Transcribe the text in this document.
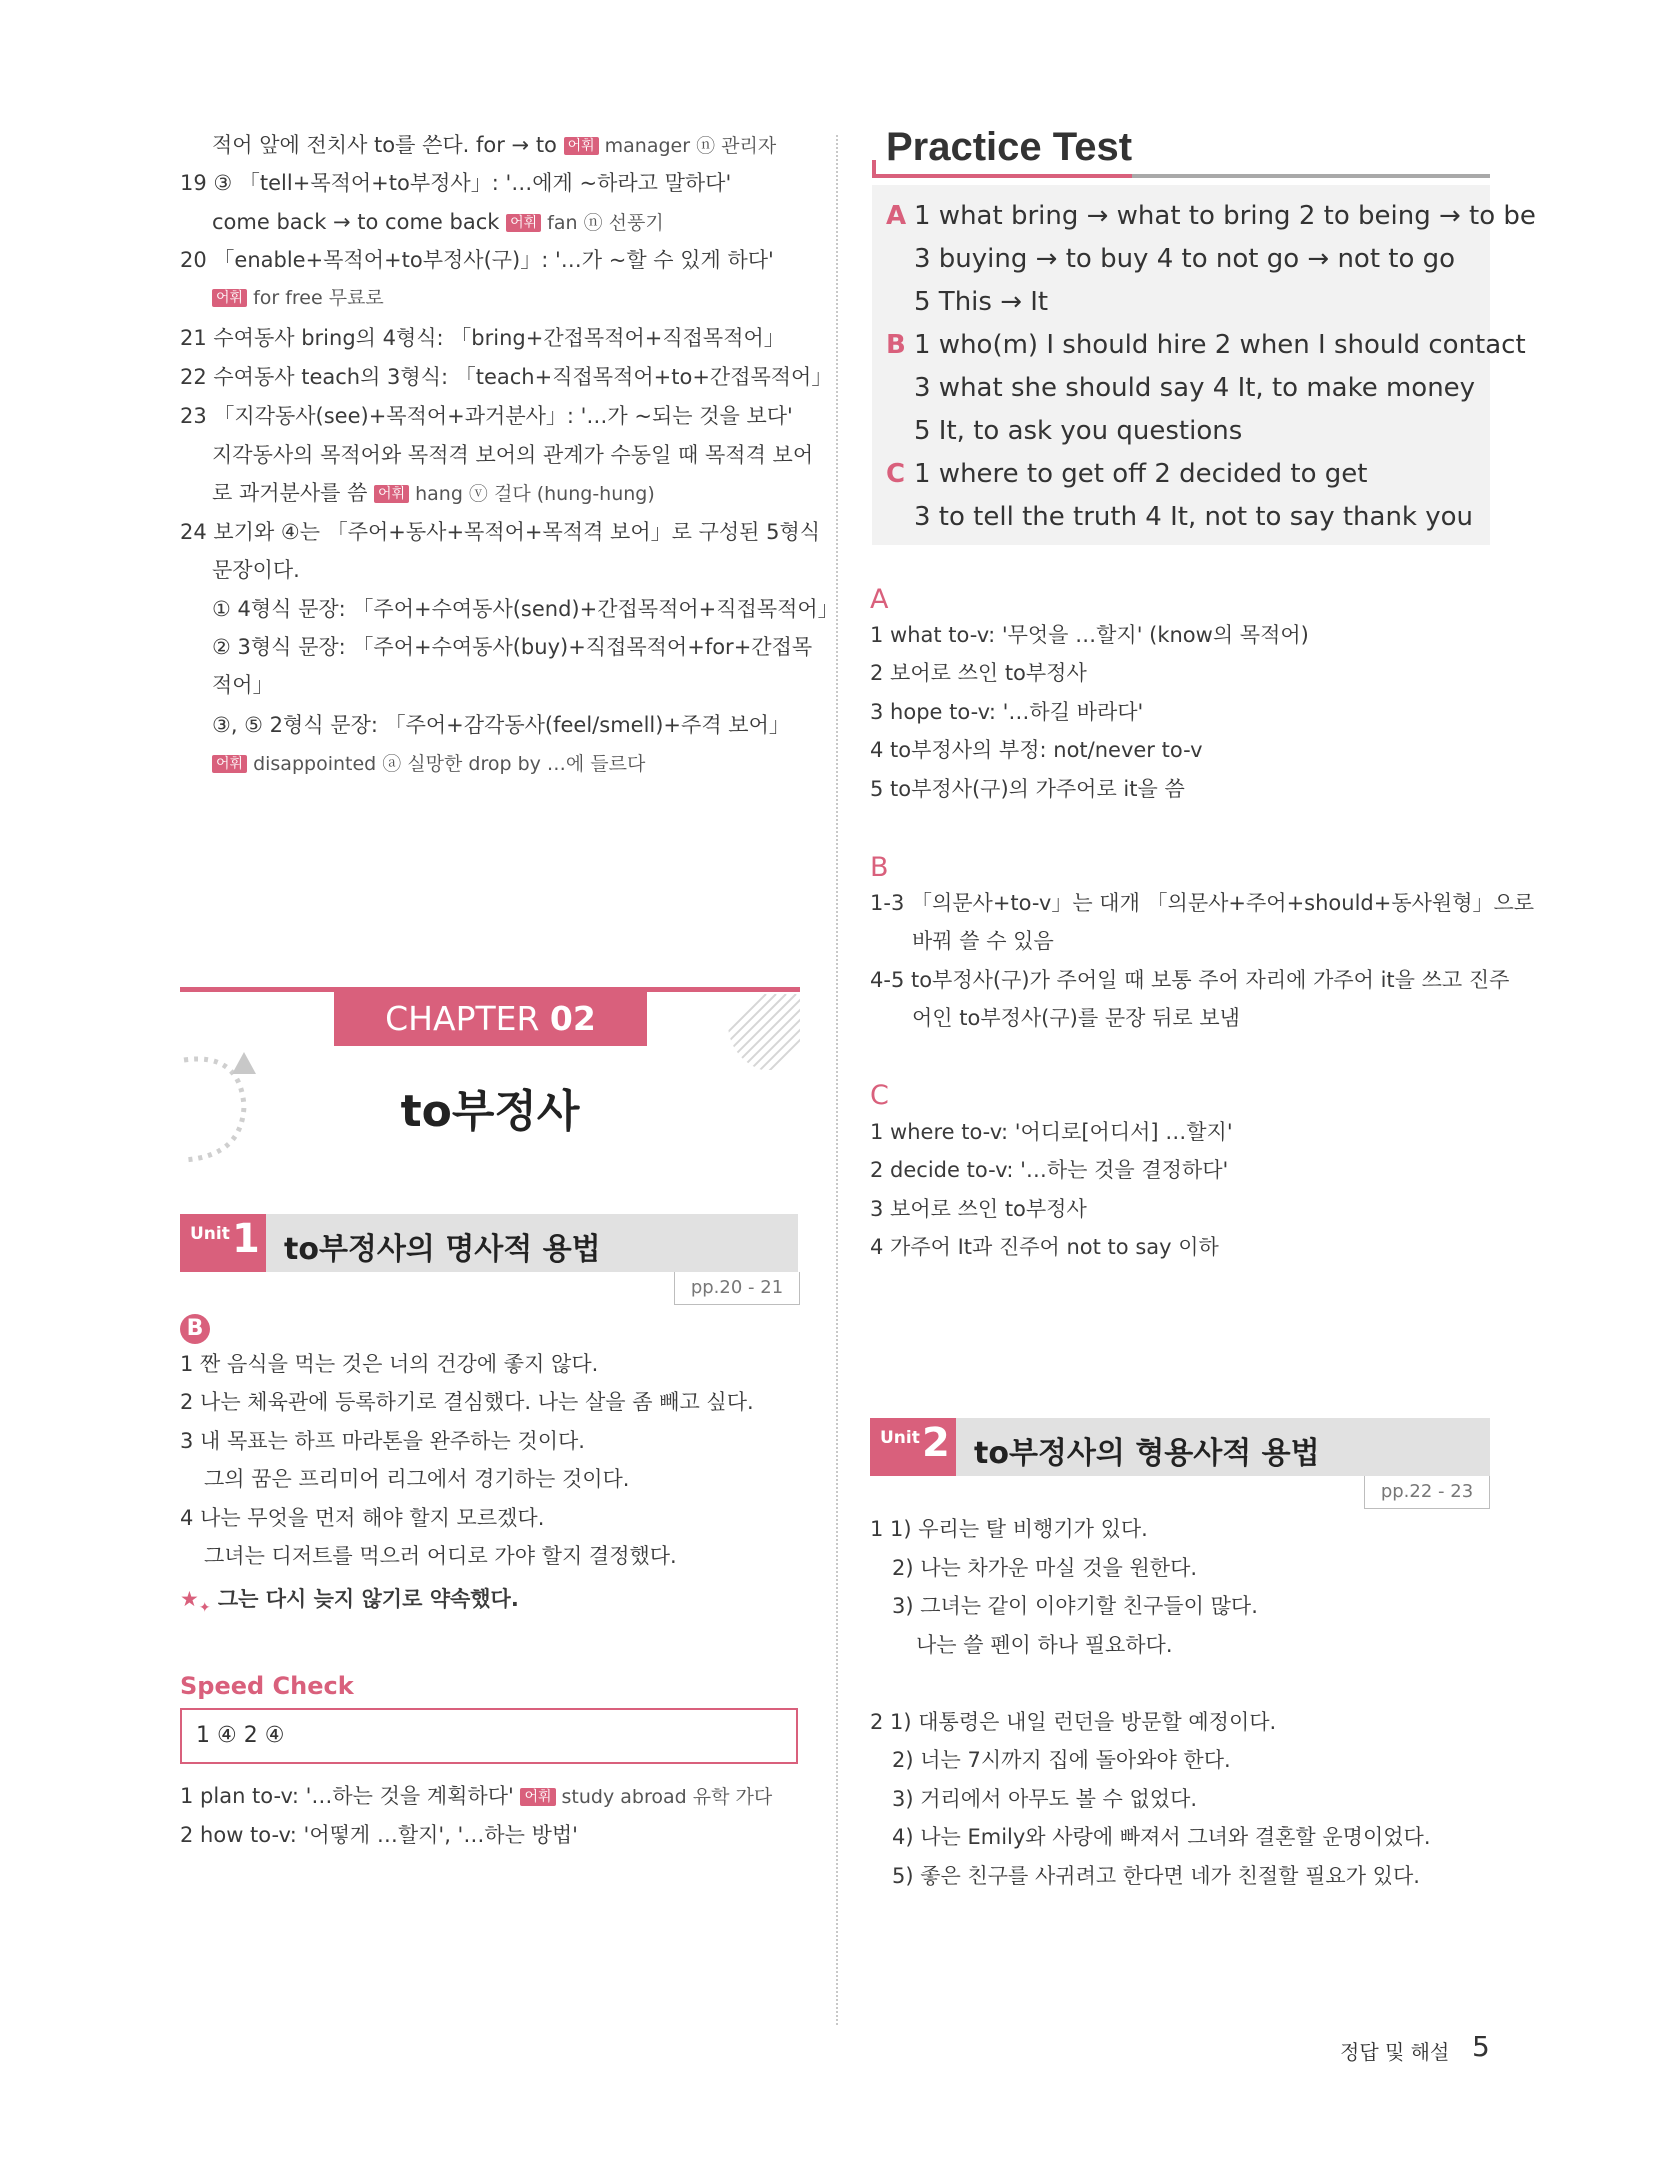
적어 앞에 전치사 to를 쓴다. for → to 어휘 manager ⓝ 관리자
19 ③ 「tell+목적어+to부정사」: '…에게 ~하라고 말하다'
come back → to come back 어휘 fan ⓝ 선풍기
20 「enable+목적어+to부정사(구)」: '…가 ~할 수 있게 하다'
어휘 for free 무료로
21 수여동사 bring의 4형식: 「bring+간접목적어+직접목적어」
22 수여동사 teach의 3형식: 「teach+직접목적어+to+간접목적어」
23 「지각동사(see)+목적어+과거분사」: '…가 ~되는 것을 보다'
지각동사의 목적어와 목적격 보어의 관계가 수동일 때 목적격 보어
로 과거분사를 씀 어휘 hang ⓥ 걸다 (hung-hung)
24 보기와 ④는 「주어+동사+목적어+목적격 보어」로 구성된 5형식
문장이다.
① 4형식 문장: 「주어+수여동사(send)+간접목적어+직접목적어」
② 3형식 문장: 「주어+수여동사(buy)+직접목적어+for+간접목
적어」
③, ⑤ 2형식 문장: 「주어+감각동사(feel/smell)+주격 보어」
어휘 disappointed ⓐ 실망한 drop by …에 들르다
CHAPTER 02
to부정사
Unit 1 to부정사의 명사적 용법
pp.20 - 21
B
1 짠 음식을 먹는 것은 너의 건강에 좋지 않다.
2 나는 체육관에 등록하기로 결심했다. 나는 살을 좀 빼고 싶다.
3 내 목표는 하프 마라톤을 완주하는 것이다.
그의 꿈은 프리미어 리그에서 경기하는 것이다.
4 나는 무엇을 먼저 해야 할지 모르겠다.
그녀는 디저트를 먹으러 어디로 가야 할지 결정했다.
$★_✦$ 그는 다시 늦지 않기로 약속했다.
Speed Check
1 ④ 2 ④
1 plan to-v: '…하는 것을 계획하다' 어휘 study abroad 유학 가다
2 how to-v: '어떻게 …할지', '…하는 방법'
Practice Test
A 1 what bring → what to bring 2 to being → to be
3 buying → to buy 4 to not go → not to go
5 This → It
B 1 who(m) I should hire 2 when I should contact
3 what she should say 4 It, to make money
5 It, to ask you questions
C 1 where to get off 2 decided to get
3 to tell the truth 4 It, not to say thank you
A
1 what to-v: '무엇을 …할지' (know의 목적어)
2 보어로 쓰인 to부정사
3 hope to-v: '…하길 바라다'
4 to부정사의 부정: not/never to-v
5 to부정사(구)의 가주어로 it을 씀
B
1-3 「의문사+to-v」는 대개 「의문사+주어+should+동사원형」으로
바꿔 쓸 수 있음
4-5 to부정사(구)가 주어일 때 보통 주어 자리에 가주어 it을 쓰고 진주
어인 to부정사(구)를 문장 뒤로 보냄
C
1 where to-v: '어디로[어디서] …할지'
2 decide to-v: '…하는 것을 결정하다'
3 보어로 쓰인 to부정사
4 가주어 It과 진주어 not to say 이하
Unit 2 to부정사의 형용사적 용법
pp.22 - 23
1 1) 우리는 탈 비행기가 있다.
2) 나는 차가운 마실 것을 원한다.
3) 그녀는 같이 이야기할 친구들이 많다.
나는 쓸 펜이 하나 필요하다.
2 1) 대통령은 내일 런던을 방문할 예정이다.
2) 너는 7시까지 집에 돌아와야 한다.
3) 거리에서 아무도 볼 수 없었다.
4) 나는 Emily와 사랑에 빠져서 그녀와 결혼할 운명이었다.
5) 좋은 친구를 사귀려고 한다면 네가 친절할 필요가 있다.
정답 및 해설 5
